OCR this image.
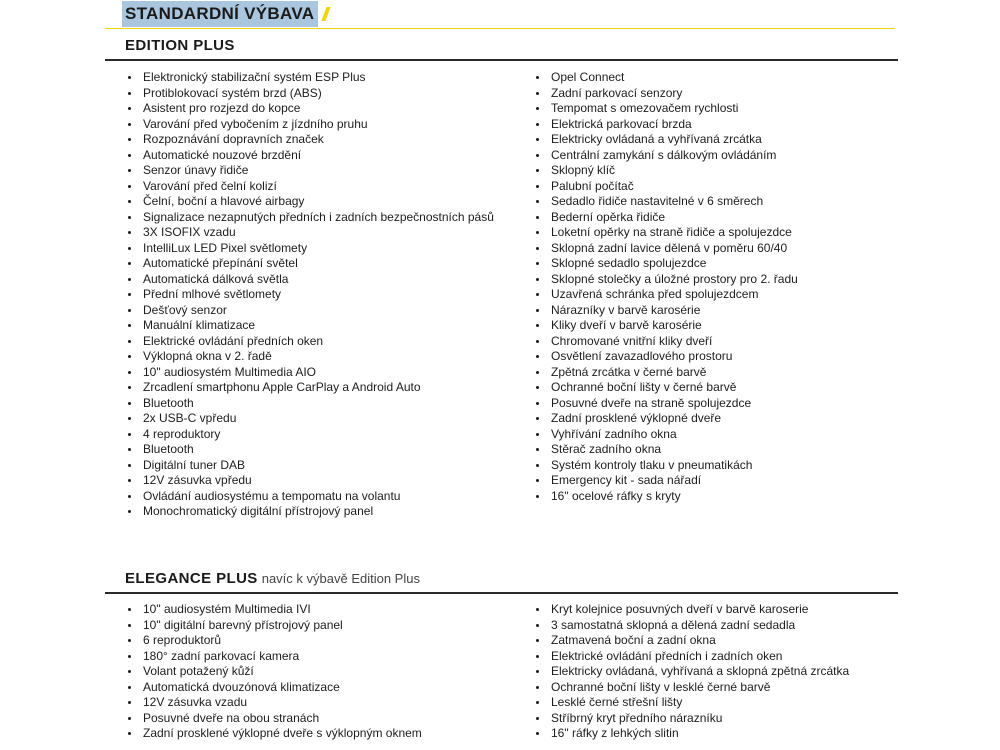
STANDARDNÍ VÝBAVA
EDITION PLUS
Elektronický stabilizační systém ESP Plus
Protiblokovací systém brzd (ABS)
Asistent pro rozjezd do kopce
Varování před vybočením z jízdního pruhu
Rozpoznávání dopravních značek
Automatické nouzové brzdění
Senzor únavy řidiče
Varování před čelní kolizí
Čelní, boční a hlavové airbagy
Signalizace nezapnutých předních i zadních bezpečnostních pásů
3X ISOFIX vzadu
IntelliLux LED Pixel světlomety
Automatické přepínání světel
Automatická dálková světla
Přední mlhové světlomety
Dešťový senzor
Manuální klimatizace
Elektrické ovládání předních oken
Výklopná okna v 2. řadě
10" audiosystém Multimedia AIO
Zrcadlení smartphonu Apple CarPlay a Android Auto
Bluetooth
2x USB-C vpředu
4 reproduktory
Bluetooth
Digitální tuner DAB
12V zásuvka vpředu
Ovládání audiosystému a tempomatu na volantu
Monochromatický digitální přístrojový panel
Opel Connect
Zadní parkovací senzory
Tempomat s omezovačem rychlosti
Elektrická parkovací brzda
Elektricky ovládaná a vyhřívaná zrcátka
Centrální zamykání s dálkovým ovládáním
Sklopný klíč
Palubní počítač
Sedadlo řidiče nastavitelné v 6 směrech
Bederní opěrka řidiče
Loketní opěrky na straně řidiče a spolujezdce
Sklopná zadní lavice dělená v poměru 60/40
Sklopné sedadlo spolujezdce
Sklopné stolečky a úložné prostory pro 2. řadu
Uzavřená schránka před spolujezdcem
Nárazníky v barvě karosérie
Kliky dveří v barvě karosérie
Chromované vnitřní kliky dveří
Osvětlení zavazadlového prostoru
Zpětná zrcátka v černé barvě
Ochranné boční lišty v černé barvě
Posuvné dveře na straně spolujezdce
Zadní prosklené výklopné dveře
Vyhřívání zadního okna
Stěrač zadního okna
Systém kontroly tlaku v pneumatikách
Emergency kit - sada nářadí
16" ocelové ráfky s kryty
ELEGANCE PLUS navíc k výbavě Edition Plus
10" audiosystém Multimedia IVI
10" digitální barevný přístrojový panel
6 reproduktorů
180° zadní parkovací kamera
Volant potažený kůží
Automatická dvouzónová klimatizace
12V zásuvka vzadu
Posuvné dveře na obou stranách
Zadní prosklené výklopné dveře s výklopným oknem
Kryt kolejnice posuvných dveří v barvě karoserie
3 samostatná sklopná a dělená zadní sedadla
Zatmavená boční a zadní okna
Elektrické ovládání předních i zadních oken
Elektricky ovládaná, vyhřívaná a sklopná zpětná zrcátka
Ochranné boční lišty v lesklé černé barvě
Lesklé černé střešní lišty
Stříbrný kryt předního nárazníku
16" ráfky z lehkých slitin
